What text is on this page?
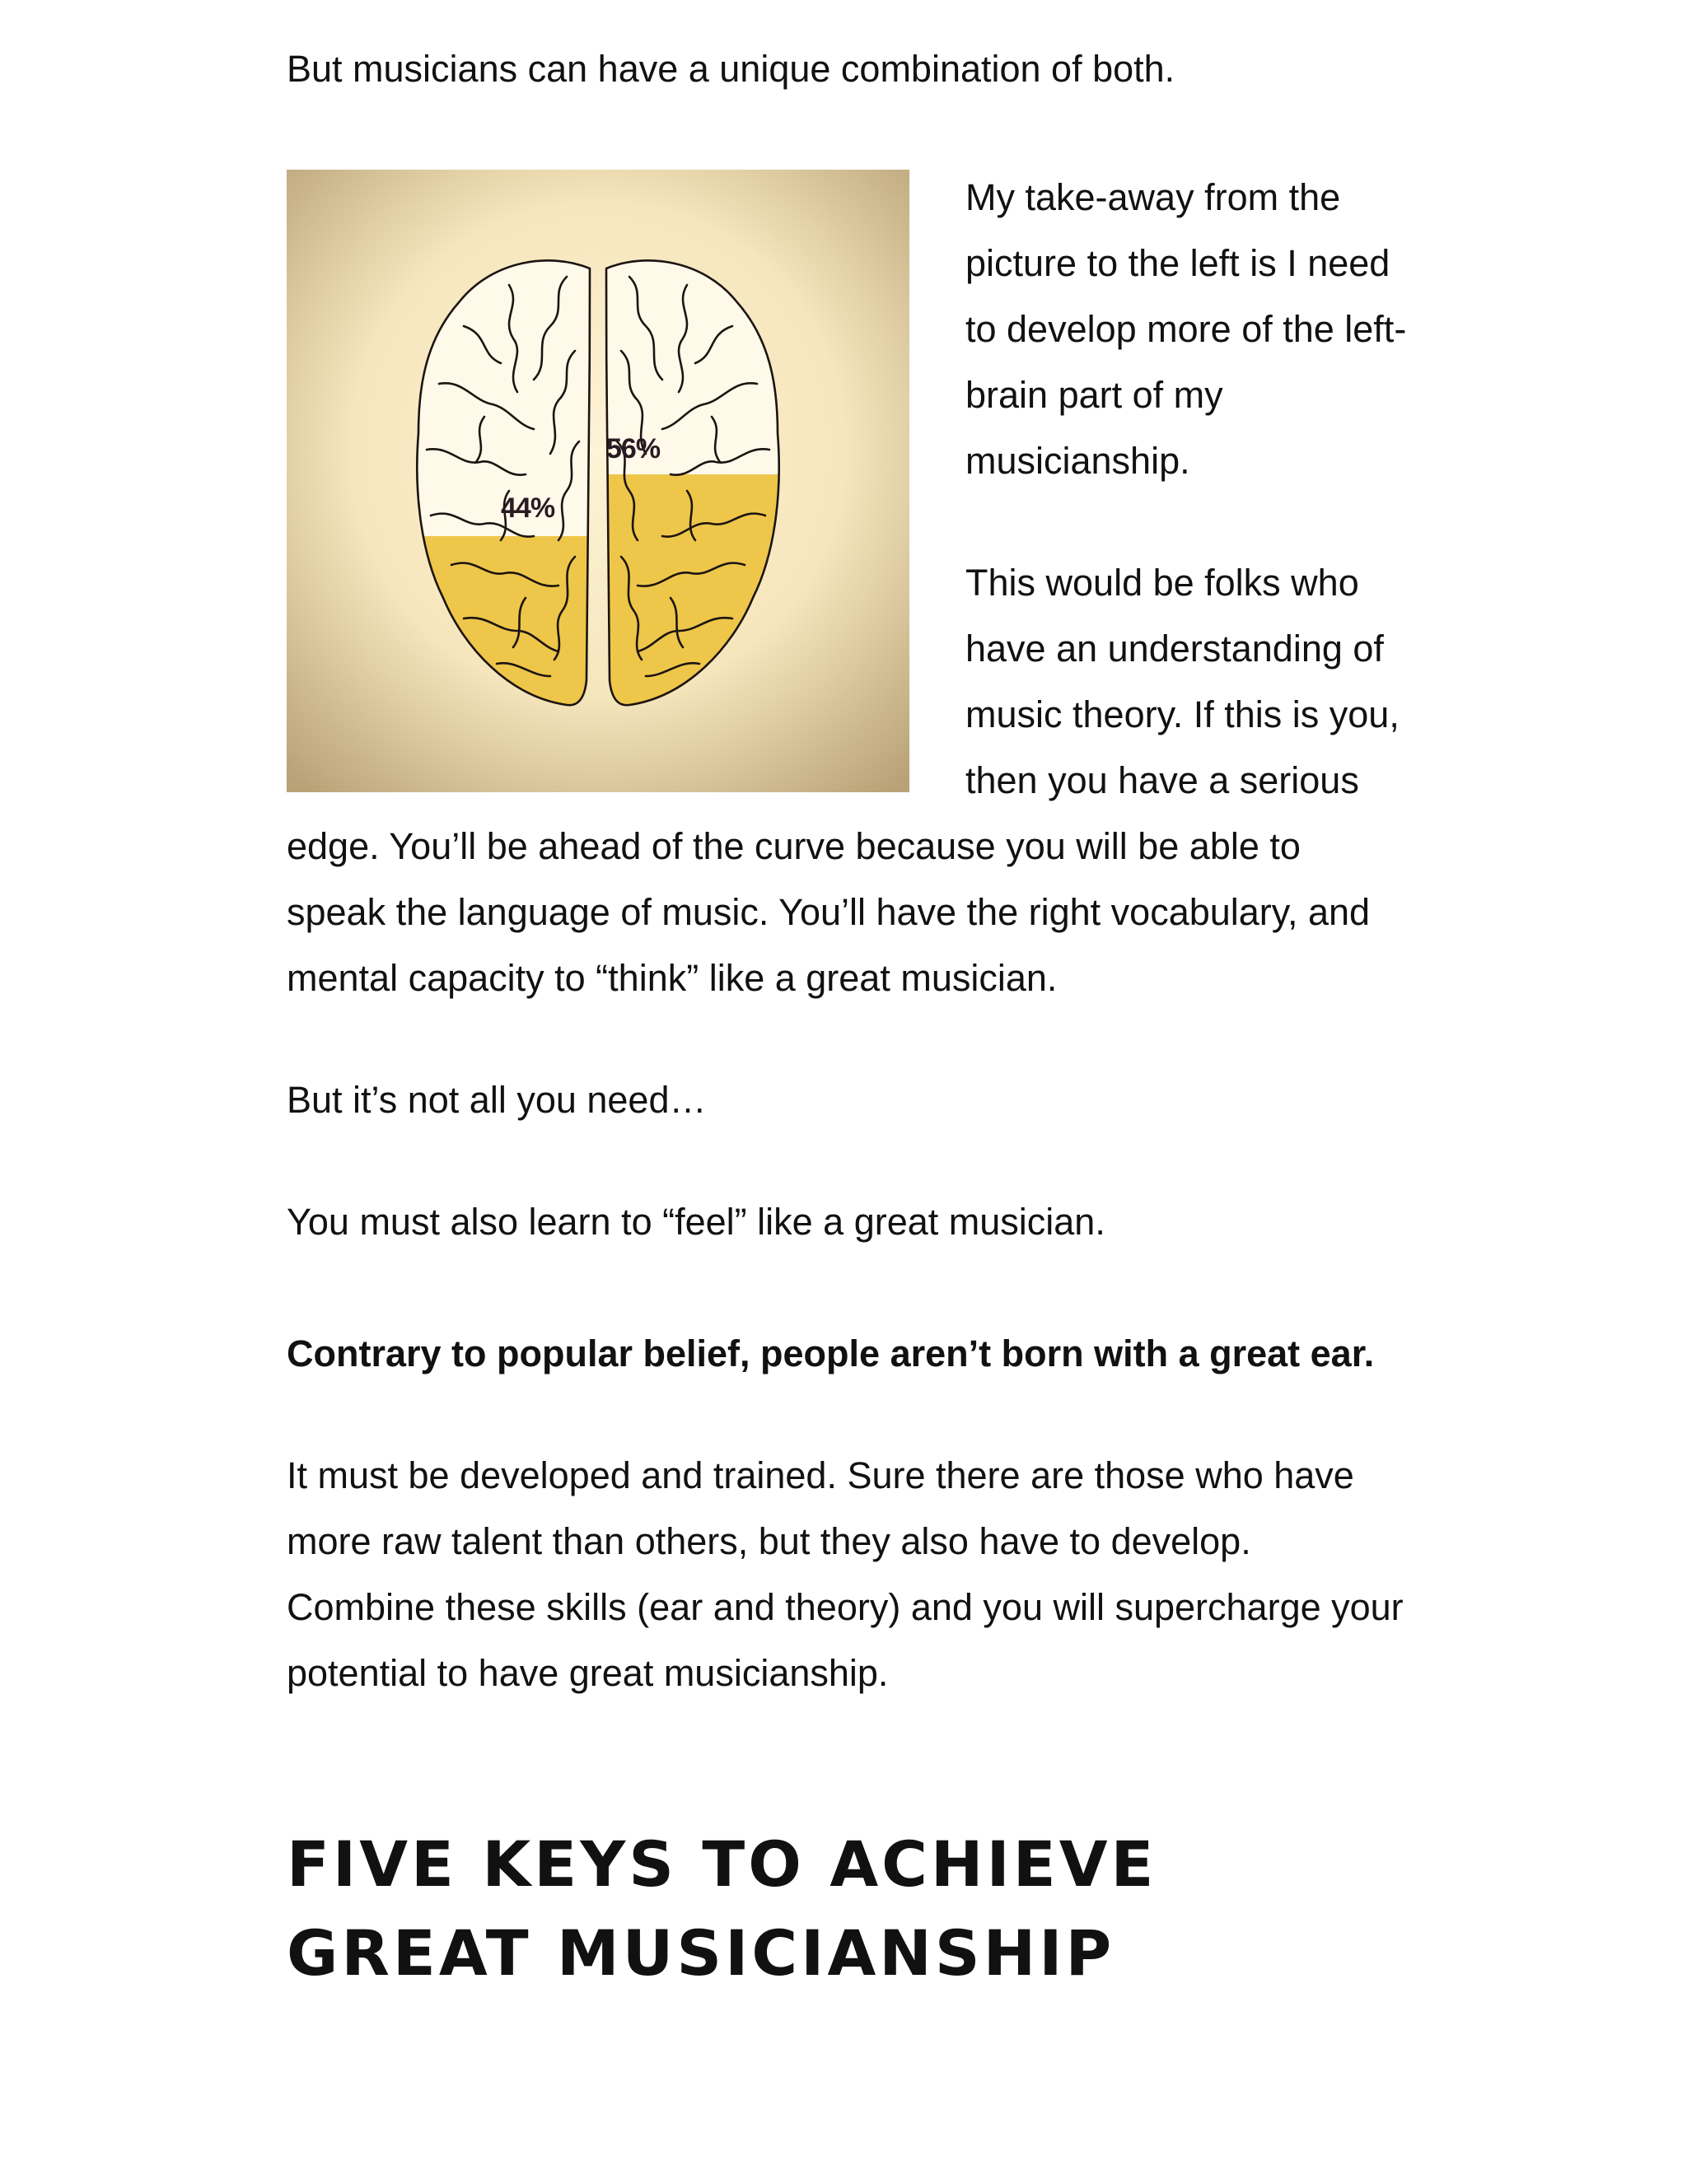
But musicians can have a unique combination of both.

56%
44%

My take-away from the picture to the left is I need to develop more of the left-brain part of my musicianship.

This would be folks who have an understanding of music theory. If this is you, then you have a serious edge. You’ll be ahead of the curve because you will be able to speak the language of music. You’ll have the right vocabulary, and mental capacity to “think” like a great musician.

But it’s not all you need…

You must also learn to “feel” like a great musician.

Contrary to popular belief, people aren’t born with a great ear.

It must be developed and trained. Sure there are those who have more raw talent than others, but they also have to develop. Combine these skills (ear and theory) and you will supercharge your potential to have great musicianship.

FIVE KEYS TO ACHIEVE GREAT MUSICIANSHIP
